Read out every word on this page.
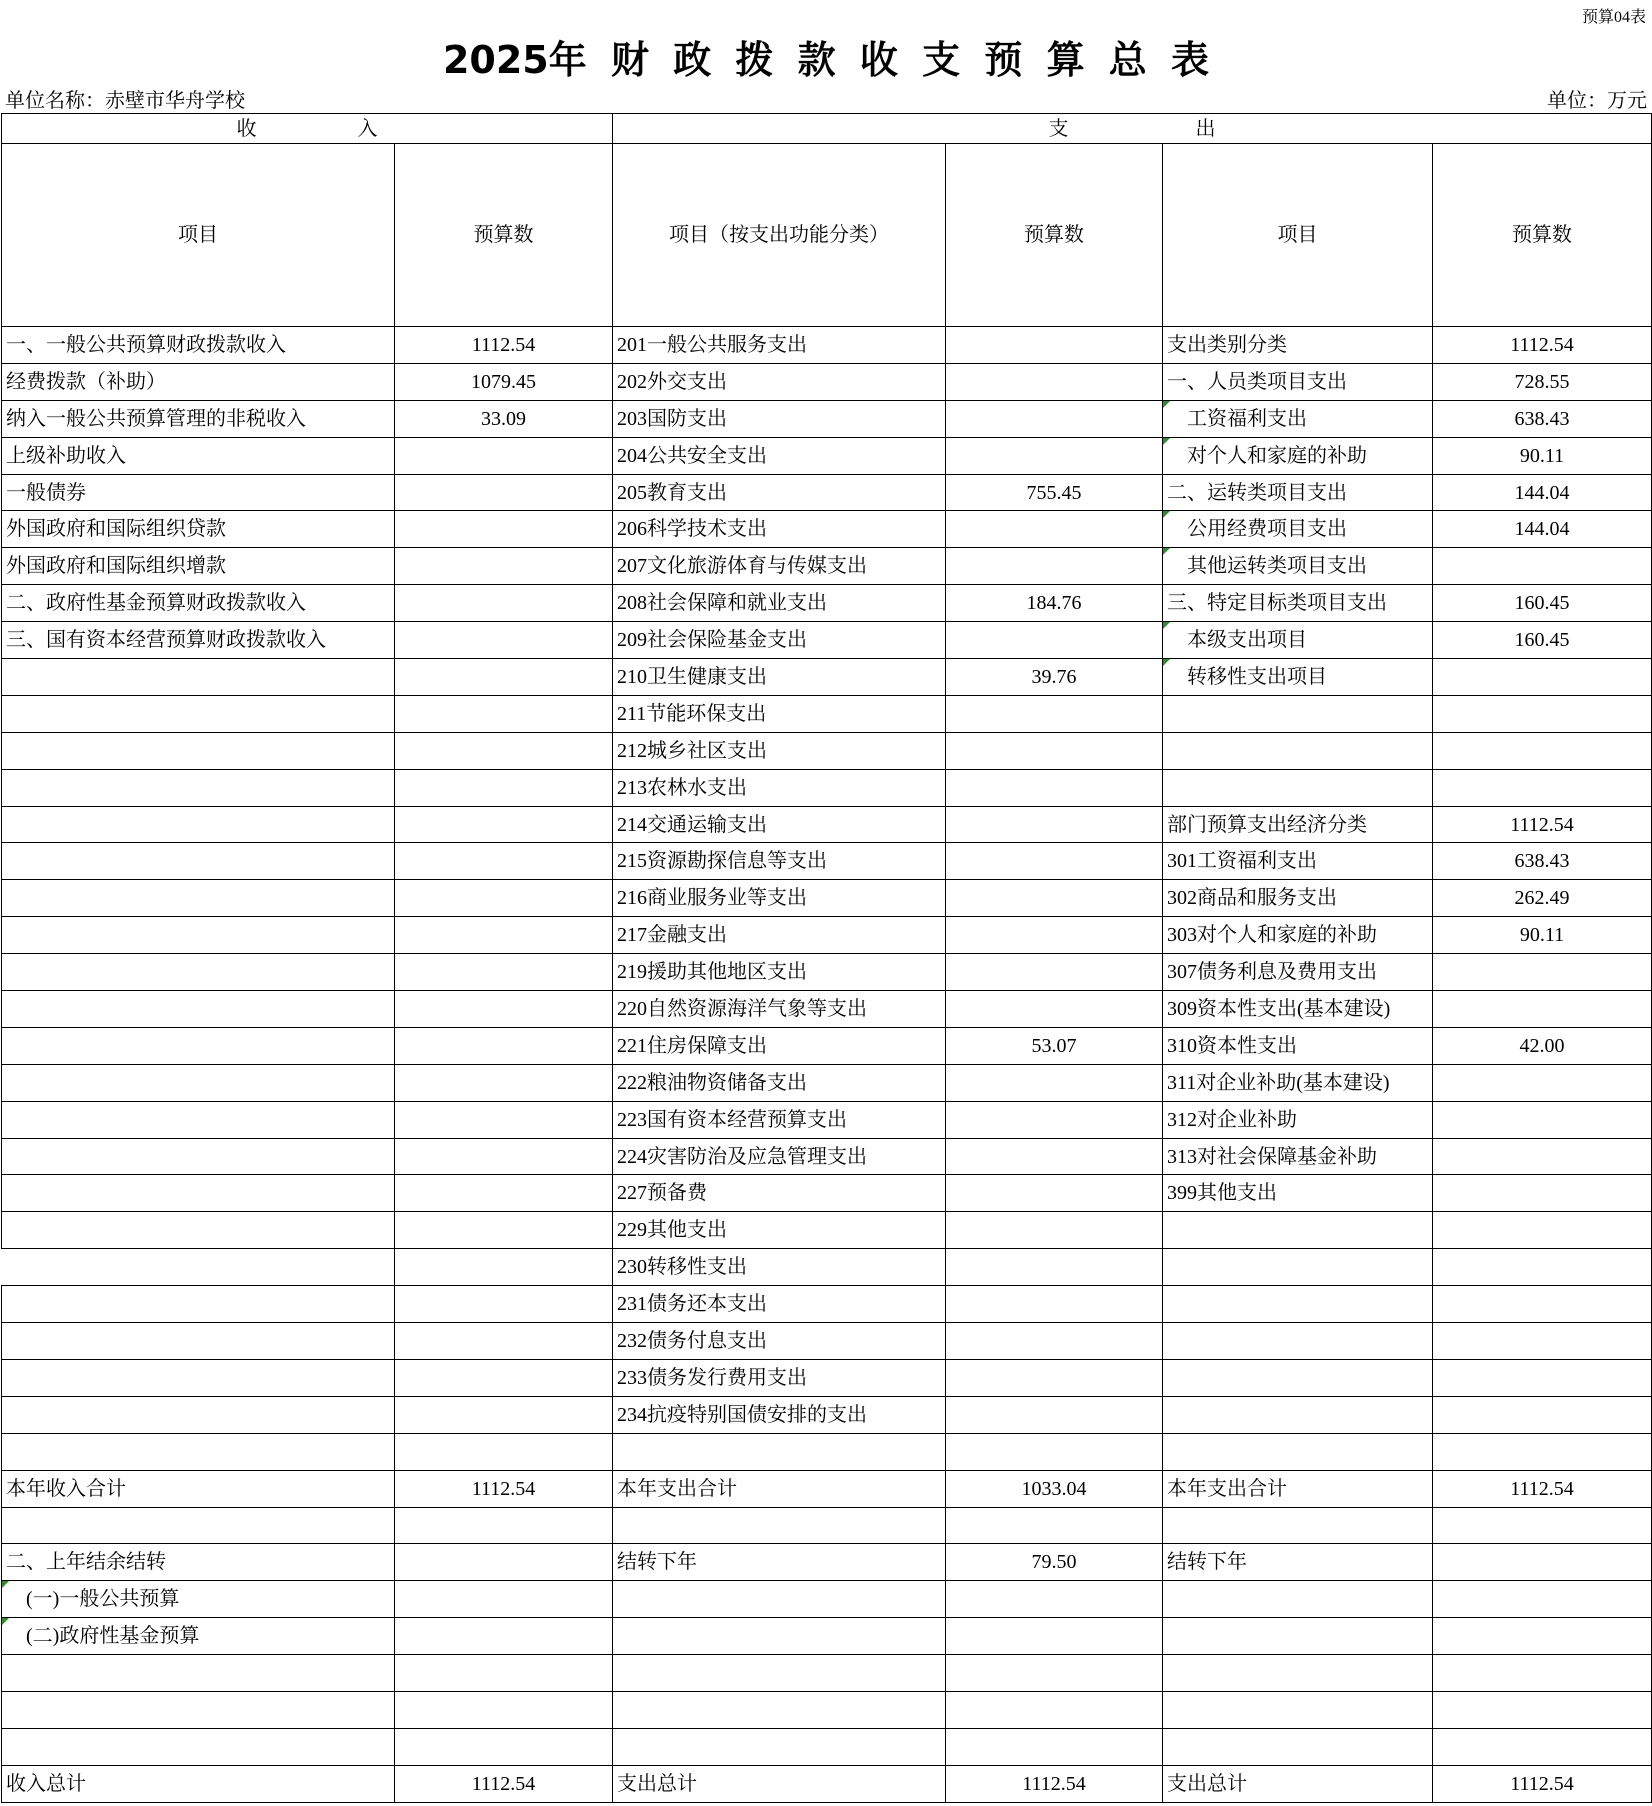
预算04表
2025年 财 政 拨 款 收 支 预 算 总 表
单位名称：赤壁市华舟学校	单位：万元
收入		支出			
项目	预算数	项目（按支出功能分类）	预算数	项目	预算数
一、一般公共预算财政拨款收入	1112.54	201一般公共服务支出		支出类别分类	1112.54
经费拨款（补助）	1079.45	202外交支出		一、人员类项目支出	728.55
纳入一般公共预算管理的非税收入	33.09	203国防支出		工资福利支出	638.43
上级补助收入		204公共安全支出		对个人和家庭的补助	90.11
一般债券		205教育支出	755.45	二、运转类项目支出	144.04
外国政府和国际组织贷款		206科学技术支出		公用经费项目支出	144.04
外国政府和国际组织增款		207文化旅游体育与传媒支出		其他运转类项目支出	
二、政府性基金预算财政拨款收入		208社会保障和就业支出	184.76	三、特定目标类项目支出	160.45
三、国有资本经营预算财政拨款收入		209社会保险基金支出		本级支出项目	160.45
		210卫生健康支出	39.76	转移性支出项目	
		211节能环保支出			
		212城乡社区支出			
		213农林水支出			
		214交通运输支出		部门预算支出经济分类	1112.54
		215资源勘探信息等支出		301工资福利支出	638.43
		216商业服务业等支出		302商品和服务支出	262.49
		217金融支出		303对个人和家庭的补助	90.11
		219援助其他地区支出		307债务利息及费用支出	
		220自然资源海洋气象等支出		309资本性支出(基本建设)	
		221住房保障支出	53.07	310资本性支出	42.00
		222粮油物资储备支出		311对企业补助(基本建设)	
		223国有资本经营预算支出		312对企业补助	
		224灾害防治及应急管理支出		313对社会保障基金补助	
		227预备费		399其他支出	
		229其他支出			
		230转移性支出			
		231债务还本支出			
		232债务付息支出			
		233债务发行费用支出			
		234抗疫特别国债安排的支出			

本年收入合计	1112.54	本年支出合计	1033.04	本年支出合计	1112.54

二、上年结余结转		结转下年	79.50	结转下年	
(一)一般公共预算					
(二)政府性基金预算					

收入总计	1112.54	支出总计	1112.54	支出总计	1112.54
